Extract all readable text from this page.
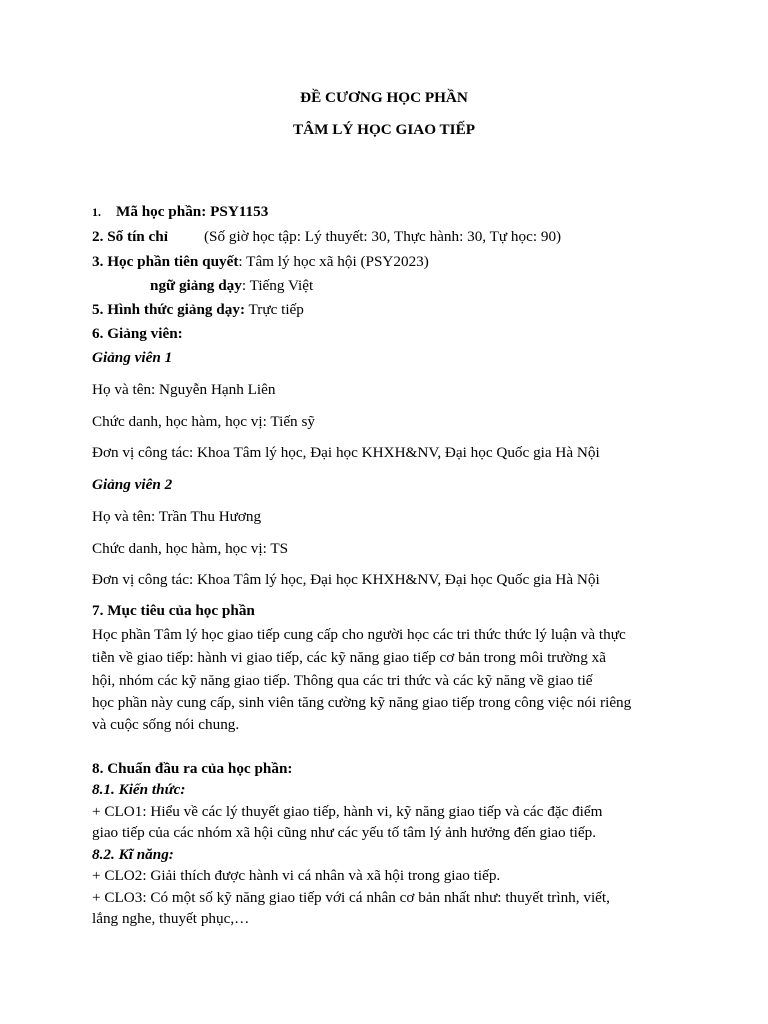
ĐỀ CƯƠNG HỌC PHẦN
TÂM LÝ HỌC GIAO TIẾP
1. Mã học phần: PSY1153
2. Số tín chỉ (Số giờ học tập: Lý thuyết: 30, Thực hành: 30, Tự học: 90)
3. Học phần tiên quyết: Tâm lý học xã hội (PSY2023)
ngữ giảng dạy: Tiếng Việt
5. Hình thức giảng dạy: Trực tiếp
6. Giảng viên:
Giảng viên 1
Họ và tên: Nguyễn Hạnh Liên
Chức danh, học hàm, học vị: Tiến sỹ
Đơn vị công tác: Khoa Tâm lý học, Đại học KHXH&NV, Đại học Quốc gia Hà Nội
Giảng viên 2
Họ và tên: Trần Thu Hương
Chức danh, học hàm, học vị: TS
Đơn vị công tác: Khoa Tâm lý học, Đại học KHXH&NV, Đại học Quốc gia Hà Nội
7. Mục tiêu của học phần
Học phần Tâm lý học giao tiếp cung cấp cho người học các tri thức thức lý luận và thực
tiễn về giao tiếp: hành vi giao tiếp, các kỹ năng giao tiếp cơ bản trong môi trường xã
hội, nhóm các kỹ năng giao tiếp. Thông qua các tri thức và các kỹ năng về giao tiế
học phần này cung cấp, sinh viên tăng cường kỹ năng giao tiếp trong công việc nói riêng
và cuộc sống nói chung.
8. Chuẩn đầu ra của học phần:
8.1. Kiến thức:
+ CLO1: Hiểu về các lý thuyết giao tiếp, hành vi, kỹ năng giao tiếp và các đặc điểm
giao tiếp của các nhóm xã hội cũng như các yếu tố tâm lý ảnh hưởng đến giao tiếp.
8.2. Kĩ năng:
+ CLO2: Giải thích được hành vi cá nhân và xã hội trong giao tiếp.
+ CLO3: Có một số kỹ năng giao tiếp với cá nhân cơ bản nhất như: thuyết trình, viết,
lắng nghe, thuyết phục,…
